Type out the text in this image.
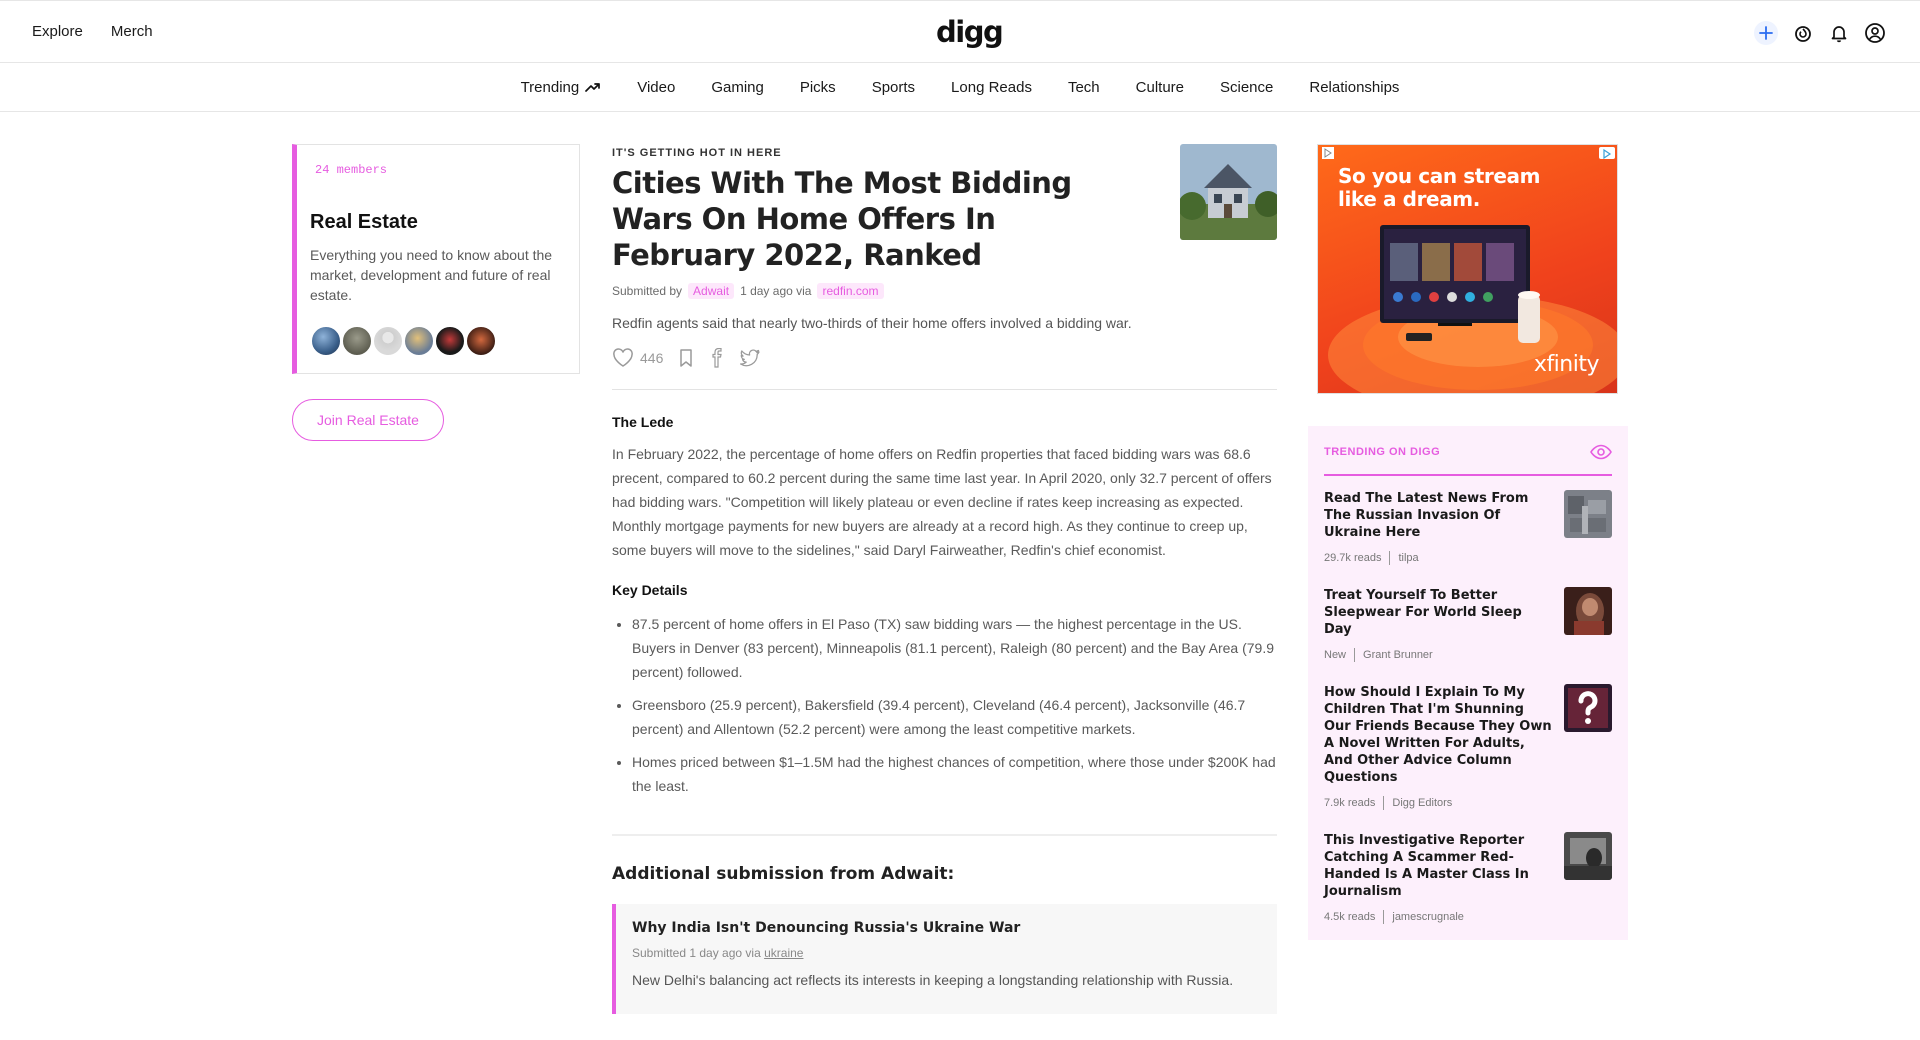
Explore Merch	digg
Trending	Video	Gaming	Picks	Sports	Long Reads	Tech	Culture	Science	Relationships
24 members
Real Estate
Everything you need to know about the market, development and future of real estate.
Join Real Estate
IT'S GETTING HOT IN HERE
Cities With The Most Bidding Wars On Home Offers In February 2022, Ranked
Submitted by Adwait 1 day ago via redfin.com

Redfin agents said that nearly two-thirds of their home offers involved a bidding war.

446
The Lede

In February 2022, the percentage of home offers on Redfin properties that faced bidding wars was 68.6 precent, compared to 60.2 percent during the same time last year. In April 2020, only 32.7 percent of offers had bidding wars. "Competition will likely plateau or even decline if rates keep increasing as expected. Monthly mortgage payments for new buyers are already at a record high. As they continue to creep up, some buyers will move to the sidelines," said Daryl Fairweather, Redfin's chief economist.

Key Details
• 87.5 percent of home offers in El Paso (TX) saw bidding wars — the highest percentage in the US. Buyers in Denver (83 percent), Minneapolis (81.1 percent), Raleigh (80 percent) and the Bay Area (79.9 percent) followed.
• Greensboro (25.9 percent), Bakersfield (39.4 percent), Cleveland (46.4 percent), Jacksonville (46.7 percent) and Allentown (52.2 percent) were among the least competitive markets.
• Homes priced between $1–1.5M had the highest chances of competition, where those under $200K had the least.
Additional submission from Adwait:
Why India Isn't Denouncing Russia's Ukraine War
Submitted 1 day ago via ukraine
New Delhi's balancing act reflects its interests in keeping a longstanding relationship with Russia.
So you can stream
like a dream.
xfinity
TRENDING ON DIGG
Read The Latest News From The Russian Invasion Of Ukraine Here
29.7k reads tilpa
Treat Yourself To Better Sleepwear For World Sleep Day
New Grant Brunner
How Should I Explain To My Children That I'm Shunning Our Friends Because They Own A Novel Written For Adults, And Other Advice Column Questions
7.9k reads Digg Editors
This Investigative Reporter Catching A Scammer Red-Handed Is A Master Class In Journalism
4.5k reads jamescrugnale
